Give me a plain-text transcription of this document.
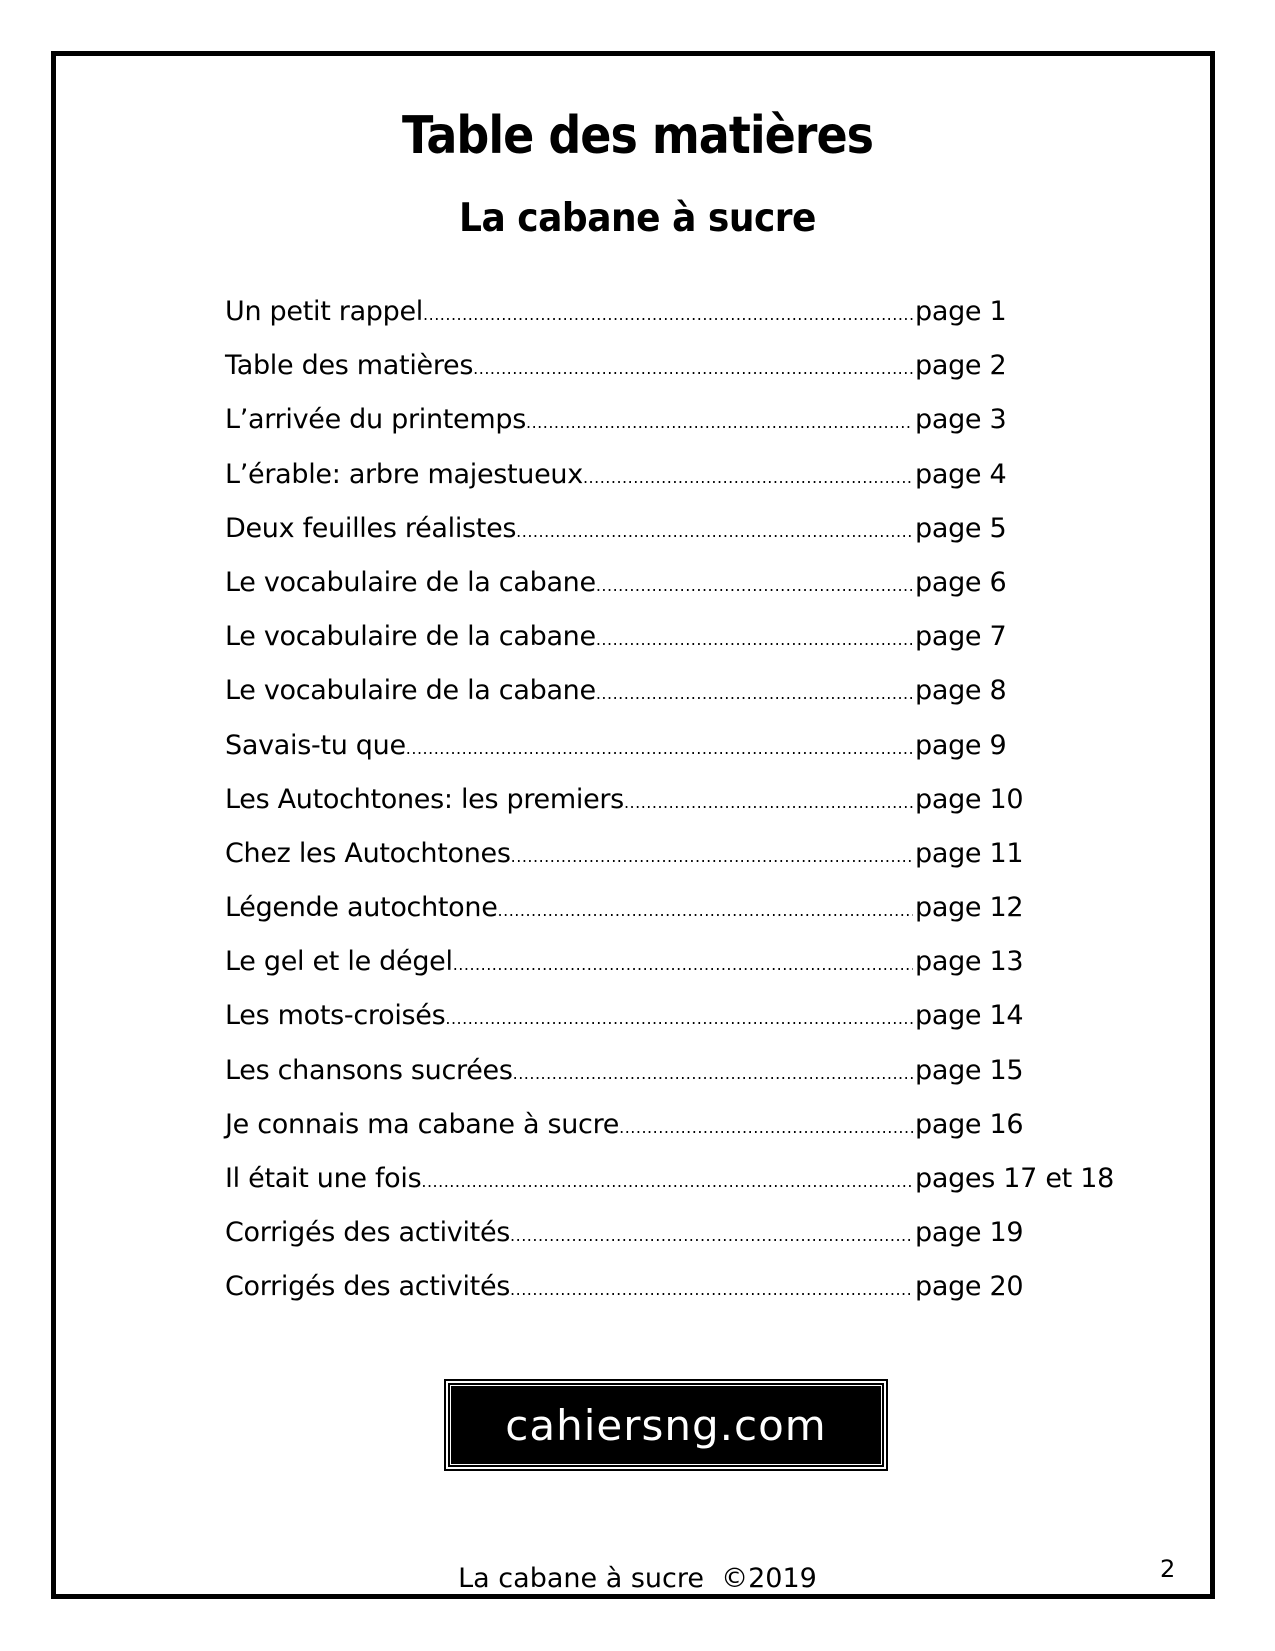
Table des matières
La cabane à sucre
Un petit rappel .....	page 1
Table des matières .....	page 2
L’arrivée du printemps .....	page 3
L’érable: arbre majestueux .....	page 4
Deux feuilles réalistes .....	page 5
Le vocabulaire de la cabane .....	page 6
Le vocabulaire de la cabane .....	page 7
Le vocabulaire de la cabane .....	page 8
Savais-tu que .....	page 9
Les Autochtones: les premiers .....	page 10
Chez les Autochtones .....	page 11
Légende autochtone .....	page 12
Le gel et le dégel .....	page 13
Les mots-croisés .....	page 14
Les chansons sucrées .....	page 15
Je connais ma cabane à sucre .....	page 16
Il était une fois .....	pages 17 et 18
Corrigés des activités .....	page 19
Corrigés des activités .....	page 20
cahiersng.com
La cabane à sucre  ©2019	2
